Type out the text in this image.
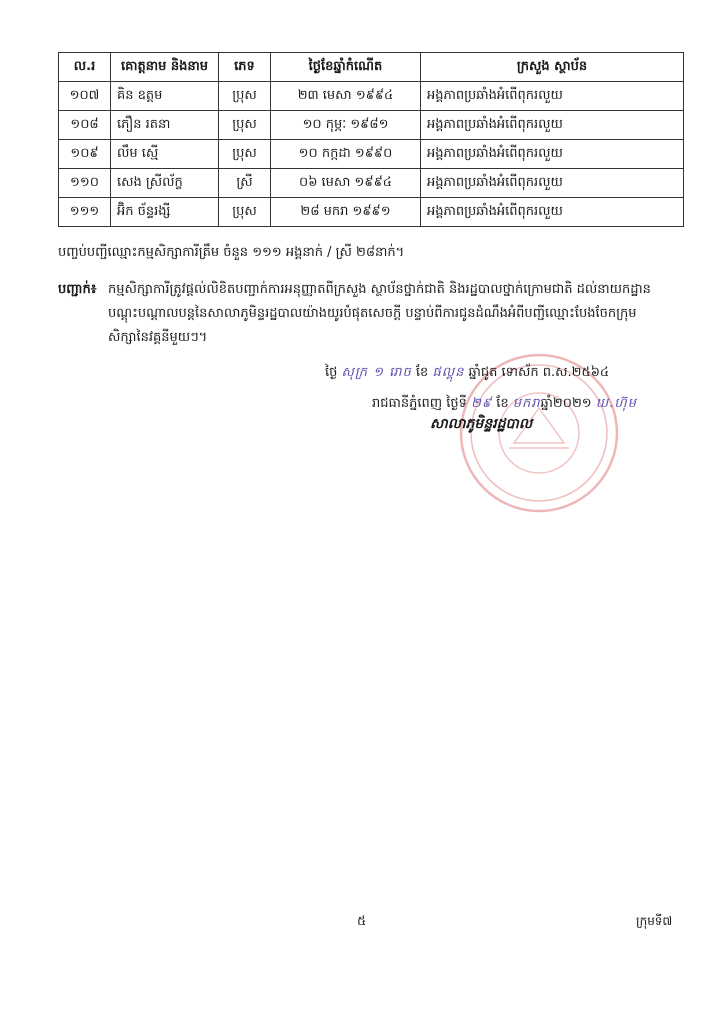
ល.រ	គោត្តនាម និងនាម	ភេទ	ថ្ងៃខែឆ្នាំកំណើត	ក្រសួង ស្ថាប័ន
១០៧	គិន ឧត្តម	ប្រុស	២៣ មេសា ១៩៩៤	អង្គភាពប្រឆាំងអំពើពុករលួយ
១០៨	ភឿន រតនា	ប្រុស	១០ កុម្ភៈ ១៩៨១	អង្គភាពប្រឆាំងអំពើពុករលួយ
១០៩	លឹម ស្មើ	ប្រុស	១០ កក្កដា ១៩៩០	អង្គភាពប្រឆាំងអំពើពុករលួយ
១១០	សេង ស្រីល័ក្ខ	ស្រី	០៦ មេសា ១៩៩៤	អង្គភាពប្រឆាំងអំពើពុករលួយ
១១១	អ៊ិក ច័ន្ទរង្សី	ប្រុស	២៨ មករា ១៩៩១	អង្គភាពប្រឆាំងអំពើពុករលួយ
បញ្ចប់បញ្ជីឈ្មោះកម្មសិក្សាការីត្រឹម ចំនួន ១១១ អង្គនាក់ / ស្រី ២៨នាក់។
បញ្ជាក់៖ កម្មសិក្សាការីត្រូវផ្តល់លិខិតបញ្ជាក់ការអនុញ្ញាតពីក្រសួង ស្ថាប័នថ្នាក់ជាតិ និងរដ្ឋបាលថ្នាក់ក្រោមជាតិ ដល់នាយកដ្ឋាន
បណ្តុះបណ្តាលបន្តនៃសាលាភូមិន្ទរដ្ឋបាលយ៉ាងយូរបំផុតសេចក្តី បន្ទាប់ពីការជូនដំណឹងអំពីបញ្ជីឈ្មោះបែងចែកក្រុម
សិក្សានៃវគ្គនីមួយៗ។
ថ្ងៃ សុក្រ ១ រោច ខែ ផល្គុន ឆ្នាំជូត ទោស័ក ព.ស.២៥៦៤
រាជធានីភ្នំពេញ ថ្ងៃទី ២៩ ខែ មករាឆ្នាំ២០២១ ឃ.ហ៊ុម
សាលាភូមិន្ទរដ្ឋបាល
៥	ក្រុមទី៧
